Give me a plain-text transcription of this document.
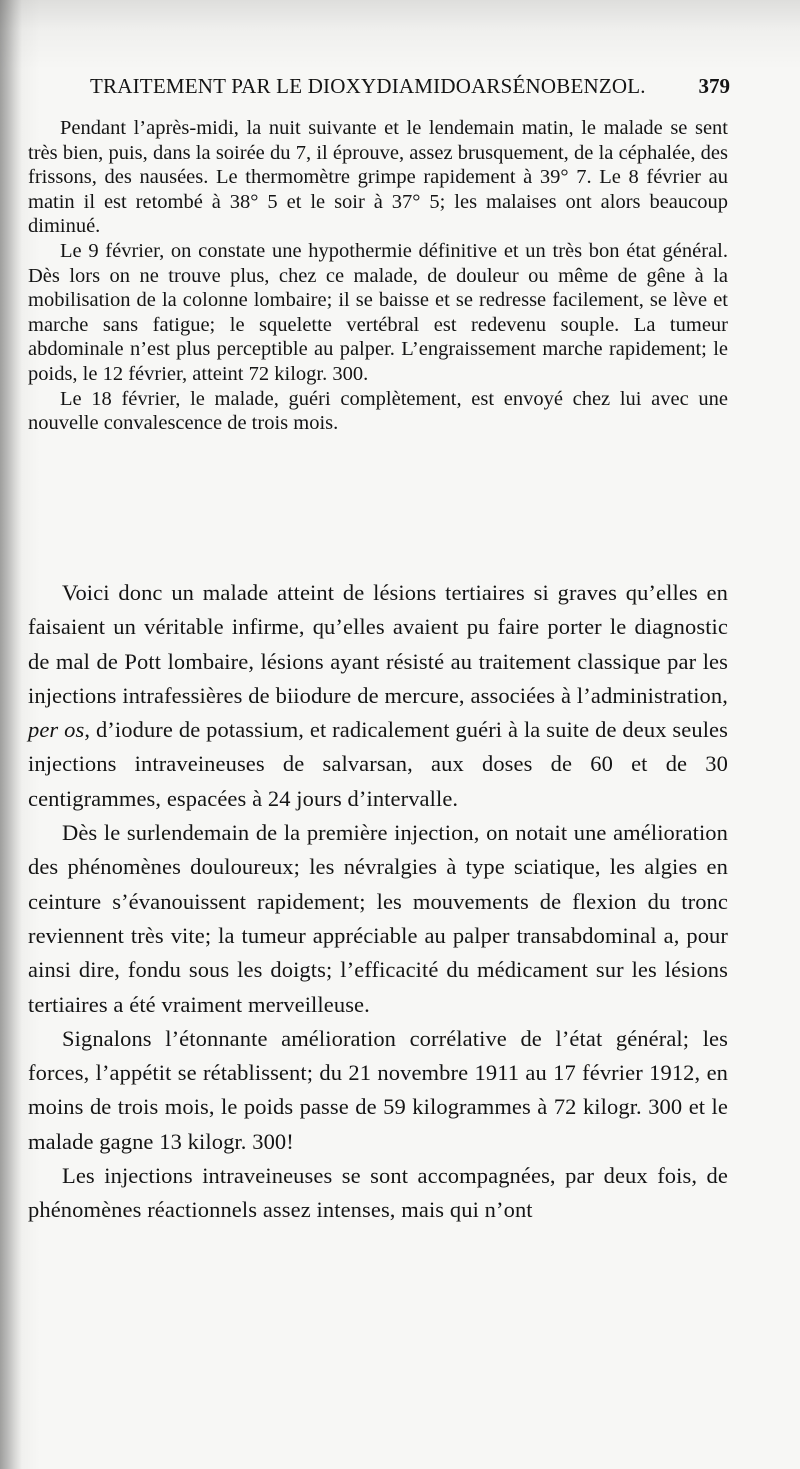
TRAITEMENT PAR LE DIOXYDIAMIDOARSÉNOBENZOL.	379

Pendant l’après-midi, la nuit suivante et le lendemain matin, le malade se sent très bien, puis, dans la soirée du 7, il éprouve, assez brusquement, de la céphalée, des frissons, des nausées. Le thermomètre grimpe rapidement à 39° 7. Le 8 février au matin il est retombé à 38° 5 et le soir à 37° 5; les malaises ont alors beaucoup diminué.

Le 9 février, on constate une hypothermie définitive et un très bon état général. Dès lors on ne trouve plus, chez ce malade, de douleur ou même de gêne à la mobilisation de la colonne lombaire; il se baisse et se redresse facilement, se lève et marche sans fatigue; le squelette vertébral est redevenu souple. La tumeur abdominale n’est plus perceptible au palper. L’engraissement marche rapidement; le poids, le 12 février, atteint 72 kilogr. 300.

Le 18 février, le malade, guéri complètement, est envoyé chez lui avec une nouvelle convalescence de trois mois.

Voici donc un malade atteint de lésions tertiaires si graves qu’elles en faisaient un véritable infirme, qu’elles avaient pu faire porter le diagnostic de mal de Pott lombaire, lésions ayant résisté au traitement classique par les injections intrafessières de biiodure de mercure, associées à l’administration, per os, d’iodure de potassium, et radicalement guéri à la suite de deux seules injections intraveineuses de salvarsan, aux doses de 60 et de 30 centigrammes, espacées à 24 jours d’intervalle.

Dès le surlendemain de la première injection, on notait une amélioration des phénomènes douloureux; les névralgies à type sciatique, les algies en ceinture s’évanouissent rapidement; les mouvements de flexion du tronc reviennent très vite; la tumeur appréciable au palper transabdominal a, pour ainsi dire, fondu sous les doigts; l’efficacité du médicament sur les lésions tertiaires a été vraiment merveilleuse.

Signalons l’étonnante amélioration corrélative de l’état général; les forces, l’appétit se rétablissent; du 21 novembre 1911 au 17 février 1912, en moins de trois mois, le poids passe de 59 kilogrammes à 72 kilogr. 300 et le malade gagne 13 kilogr. 300!

Les injections intraveineuses se sont accompagnées, par deux fois, de phénomènes réactionnels assez intenses, mais qui n’ont
